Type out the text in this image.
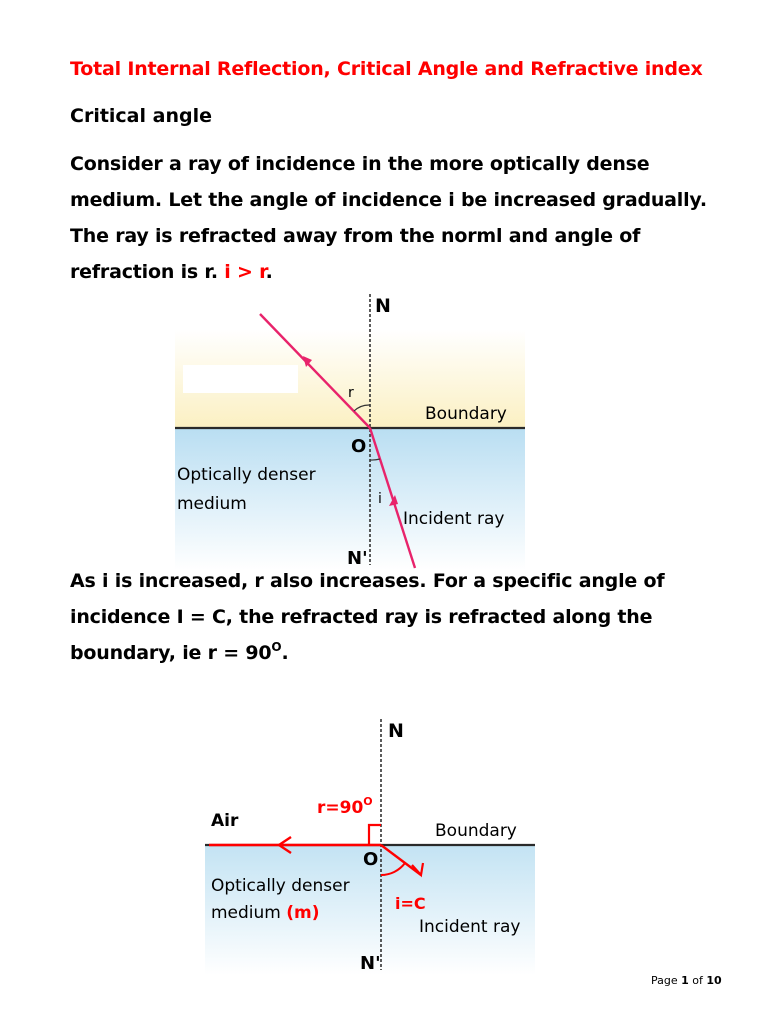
Total Internal Reflection, Critical Angle and Refractive index
Critical angle
Consider a ray of incidence in the more optically dense
medium. Let the angle of incidence i be increased gradually.
The ray is refracted away from the norml and angle of
refraction is r. i > r.
N
N'
O
r
i
Boundary
Optically denser
medium
Incident ray
As i is increased, r also increases. For a specific angle of
incidence I = C, the refracted ray is refracted along the
boundary, ie $r = 90^O$.
N
N'
O
$r=90^O$
Air	Boundary
Optically denser
medium (m)	i=C
Incident ray
Page 1 of 10
